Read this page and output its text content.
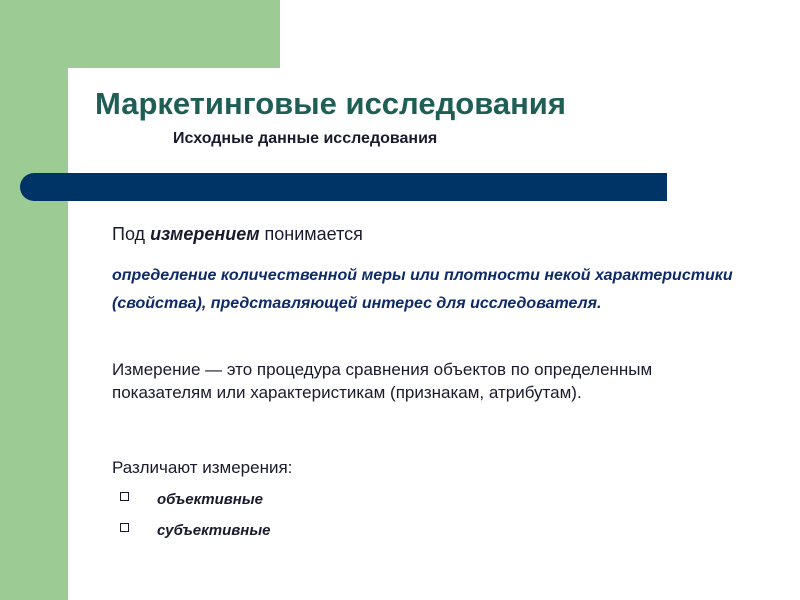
Маркетинговые исследования
Исходные данные исследования
Под измерением понимается
определение количественной меры или плотности некой характеристики (свойства), представляющей интерес для исследователя.
Измерение — это процедура сравнения объектов по определенным показателям или характеристикам (признакам, атрибутам).
Различают измерения:
объективные
субъективные
